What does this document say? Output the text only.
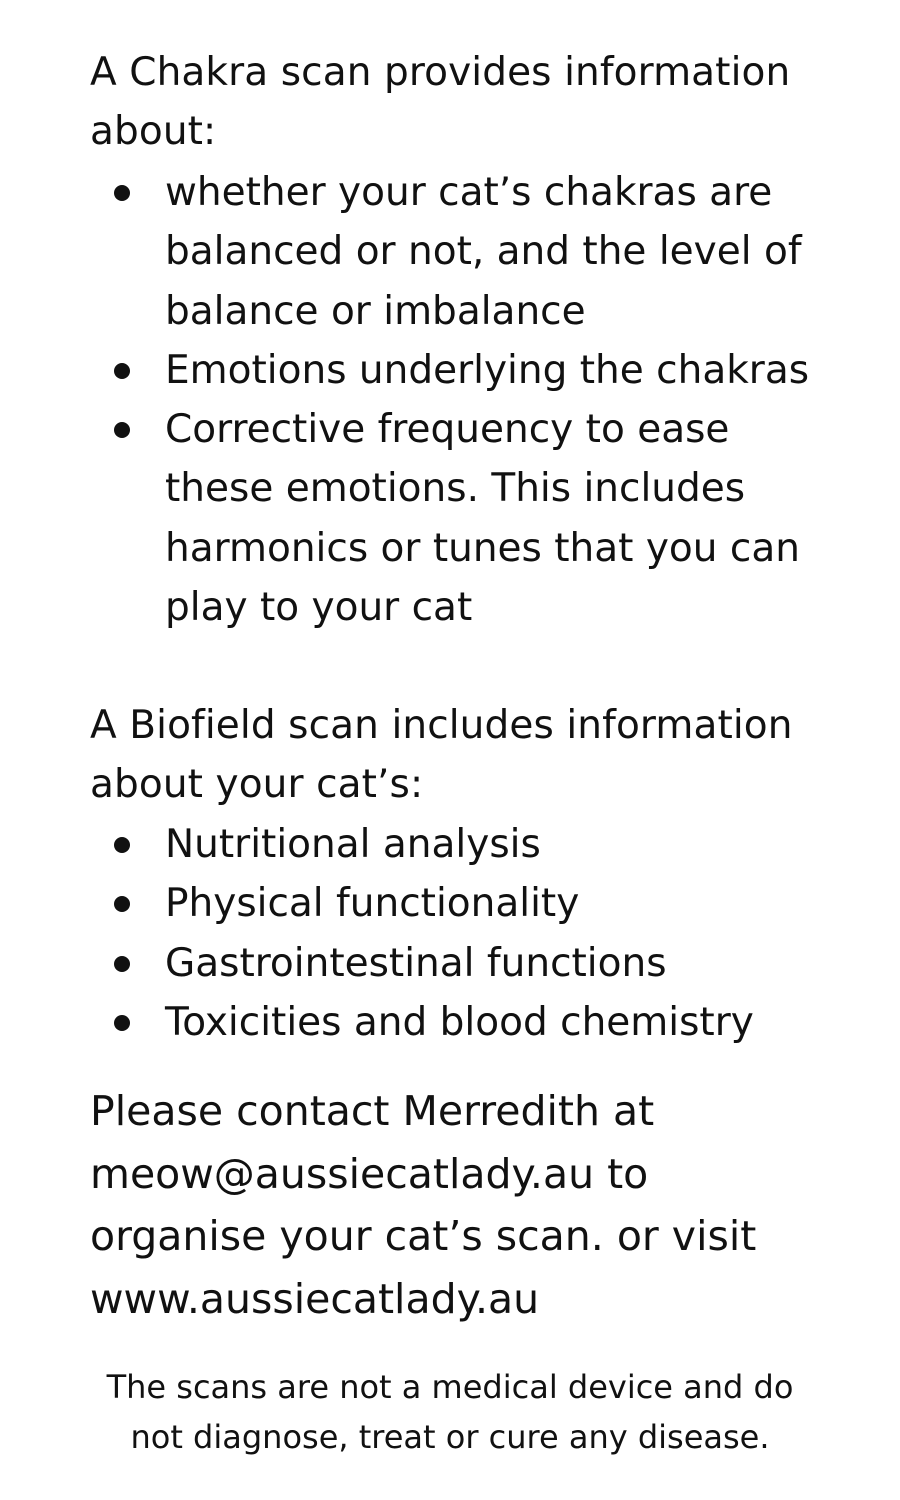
A Chakra scan provides information about:

whether your cat’s chakras are balanced or not, and the level of balance or imbalance
Emotions underlying the chakras
Corrective frequency to ease these emotions. This includes harmonics or tunes that you can play to your cat

A Biofield scan includes information about your cat’s:

Nutritional analysis
Physical functionality
Gastrointestinal functions
Toxicities and blood chemistry

Please contact Merredith at meow@aussiecatlady.au to organise your cat’s scan. or visit www.aussiecatlady.au

The scans are not a medical device and do not diagnose, treat or cure any disease.
